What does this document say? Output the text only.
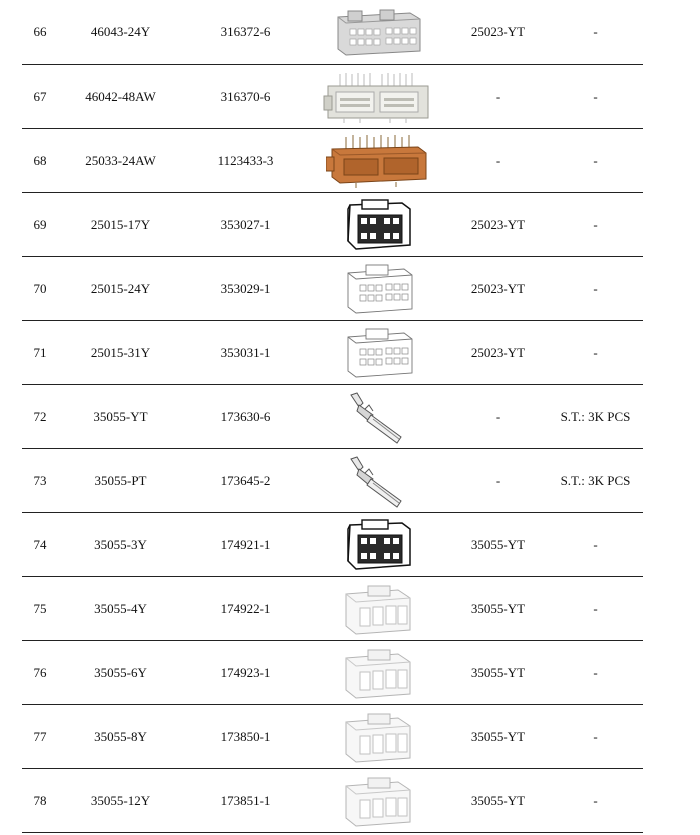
66	46043-24Y	316372-6	25023-YT	-
67	46042-48AW	316370-6	-	-
68	25033-24AW	1123433-3	-	-
69	25015-17Y	353027-1	25023-YT	-
70	25015-24Y	353029-1	25023-YT	-
71	25015-31Y	353031-1	25023-YT	-
72	35055-YT	173630-6	-	S.T.: 3K PCS
73	35055-PT	173645-2	-	S.T.: 3K PCS
74	35055-3Y	174921-1	35055-YT	-
75	35055-4Y	174922-1	35055-YT	-
76	35055-6Y	174923-1	35055-YT	-
77	35055-8Y	173850-1	35055-YT	-
78	35055-12Y	173851-1	35055-YT	-
